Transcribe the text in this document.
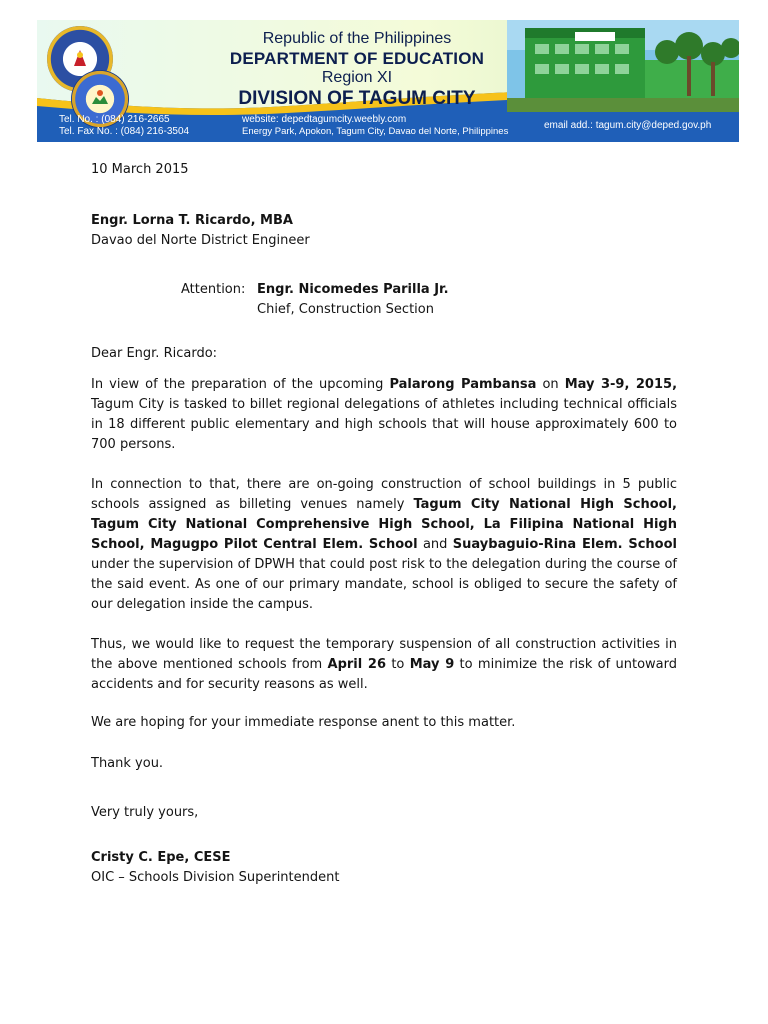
Republic of the Philippines
DEPARTMENT OF EDUCATION
Region XI
DIVISION OF TAGUM CITY
Tel. No. : (084) 216-2665
Tel. Fax No. : (084) 216-3504
website: depedtagumcity.weebly.com
Energy Park, Apokon, Tagum City, Davao del Norte, Philippines
email add.: tagum.city@deped.gov.ph
10 March 2015
Engr. Lorna T. Ricardo, MBA
Davao del Norte District Engineer
Attention: Engr. Nicomedes Parilla Jr.
Chief, Construction Section
Dear Engr. Ricardo:
In view of the preparation of the upcoming Palarong Pambansa on May 3-9, 2015, Tagum City is tasked to billet regional delegations of athletes including technical officials in 18 different public elementary and high schools that will house approximately 600 to 700 persons.
In connection to that, there are on-going construction of school buildings in 5 public schools assigned as billeting venues namely Tagum City National High School, Tagum City National Comprehensive High School, La Filipina National High School, Magugpo Pilot Central Elem. School and Suaybaguio-Rina Elem. School under the supervision of DPWH that could post risk to the delegation during the course of the said event. As one of our primary mandate, school is obliged to secure the safety of our delegation inside the campus.
Thus, we would like to request the temporary suspension of all construction activities in the above mentioned schools from April 26 to May 9 to minimize the risk of untoward accidents and for security reasons as well.
We are hoping for your immediate response anent to this matter.
Thank you.
Very truly yours,
Cristy C. Epe, CESE
OIC – Schools Division Superintendent
